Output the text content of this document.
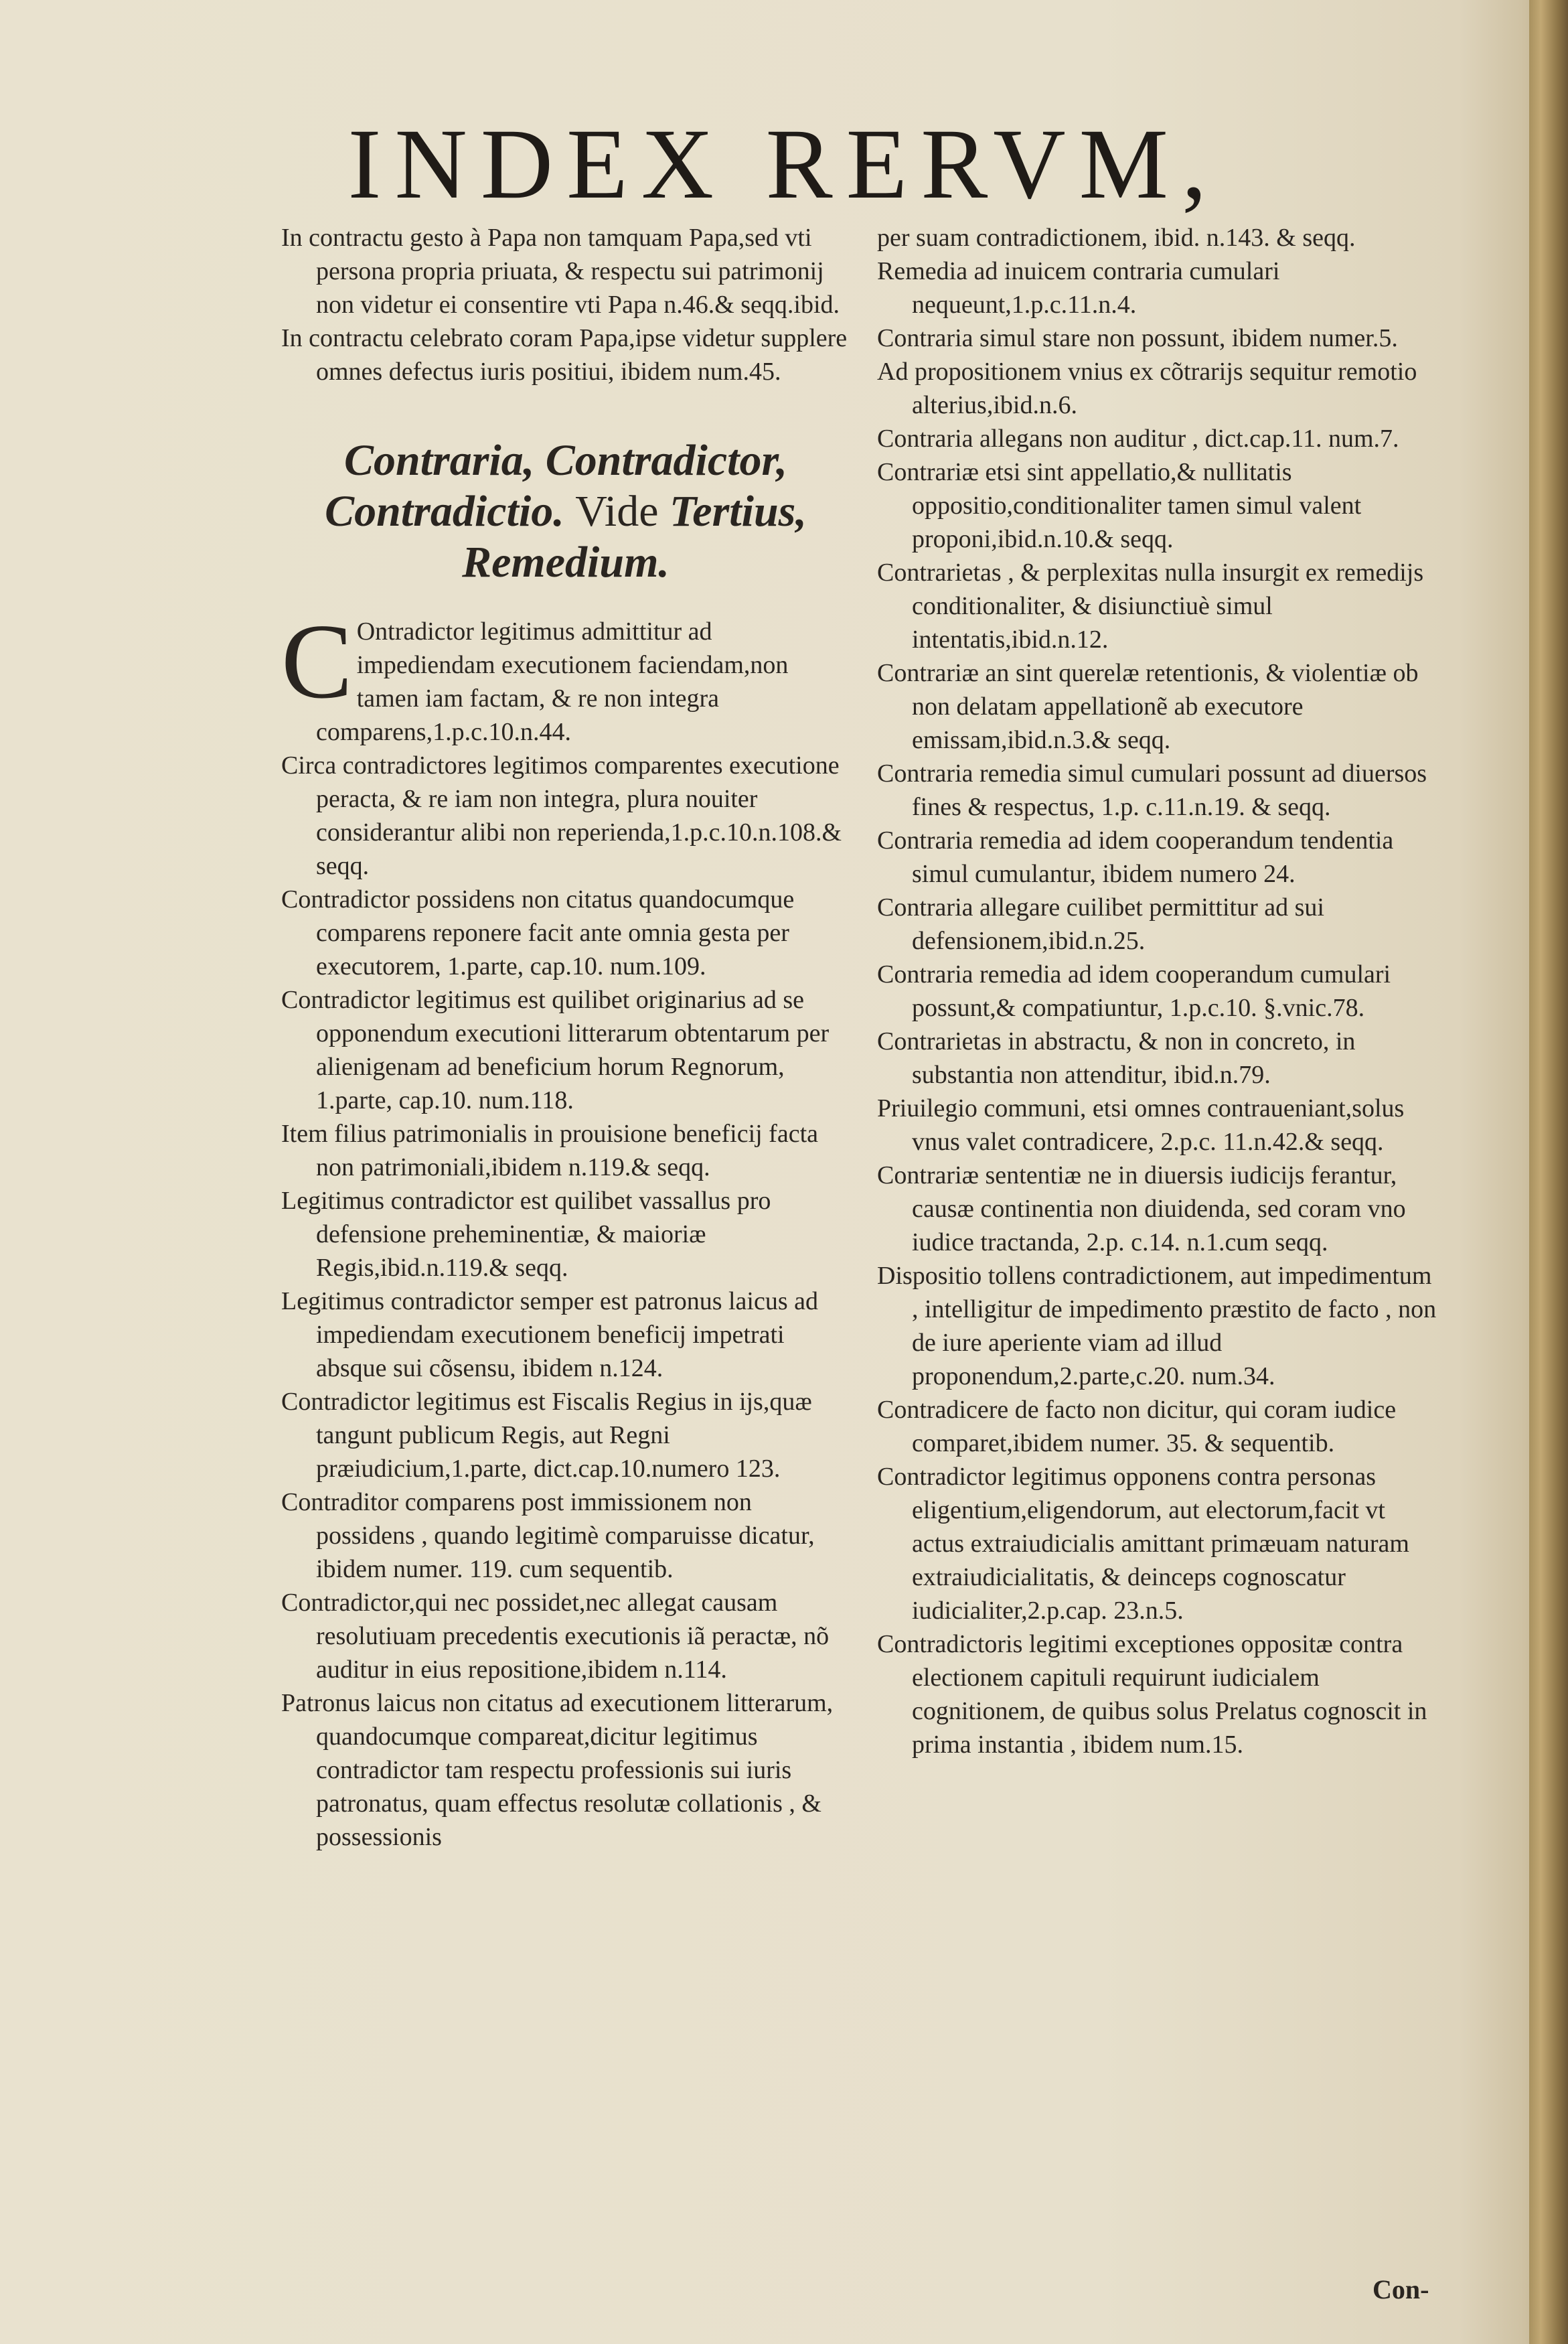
INDEX RERVM,

In contractu gesto à Papa non tamquam Papa,sed vti persona propria priuata, & respectu sui patrimonij non videtur ei consentire vti Papa n.46.& seqq.ibid.

In contractu celebrato coram Papa,ipse videtur supplere omnes defectus iuris positiui, ibidem num.45.

Contraria, Contradictor, Contradictio. Vide Tertius, Remedium.

C Ontradictor legitimus admittitur ad impediendam executionem faciendam,non tamen iam factam, & re non integra comparens,1.p.c.10.n.44.

Circa contradictores legitimos comparentes executione peracta, & re iam non integra, plura nouiter considerantur alibi non reperienda,1.p.c.10.n.108.& seqq.

Contradictor possidens non citatus quandocumque comparens reponere facit ante omnia gesta per executorem, 1.parte, cap.10. num.109.

Contradictor legitimus est quilibet originarius ad se opponendum executioni litterarum obtentarum per alienigenam ad beneficium horum Regnorum, 1.parte, cap.10. num.118.

Item filius patrimonialis in prouisione beneficij facta non patrimoniali,ibidem n.119.& seqq.

Legitimus contradictor est quilibet vassallus pro defensione preheminentiæ, & maioriæ Regis,ibid.n.119.& seqq.

Legitimus contradictor semper est patronus laicus ad impediendam executionem beneficij impetrati absque sui cõsensu, ibidem n.124.

Contradictor legitimus est Fiscalis Regius in ijs,quæ tangunt publicum Regis, aut Regni præiudicium,1.parte, dict.cap.10.numero 123.

Contraditor comparens post immissionem non possidens , quando legitimè comparuisse dicatur, ibidem numer. 119. cum sequentib.

Contradictor,qui nec possidet,nec allegat causam resolutiuam precedentis executionis iã peractæ, nõ auditur in eius repositione,ibidem n.114.

Patronus laicus non citatus ad executionem litterarum, quandocumque compareat,dicitur legitimus contradictor tam respectu professionis sui iuris patronatus, quam effectus resolutæ collationis , & possessionis

per suam contradictionem, ibid. n.143. & seqq.

Remedia ad inuicem contraria cumulari nequeunt,1.p.c.11.n.4.

Contraria simul stare non possunt, ibidem numer.5.

Ad propositionem vnius ex cõtrarijs sequitur remotio alterius,ibid.n.6.

Contraria allegans non auditur , dict.cap.11. num.7.

Contrariæ etsi sint appellatio,& nullitatis oppositio,conditionaliter tamen simul valent proponi,ibid.n.10.& seqq.

Contrarietas , & perplexitas nulla insurgit ex remedijs conditionaliter, & disiunctiuè simul intentatis,ibid.n.12.

Contrariæ an sint querelæ retentionis, & violentiæ ob non delatam appellationẽ ab executore emissam,ibid.n.3.& seqq.

Contraria remedia simul cumulari possunt ad diuersos fines & respectus, 1.p. c.11.n.19. & seqq.

Contraria remedia ad idem cooperandum tendentia simul cumulantur, ibidem numero 24.

Contraria allegare cuilibet permittitur ad sui defensionem,ibid.n.25.

Contraria remedia ad idem cooperandum cumulari possunt,& compatiuntur, 1.p.c.10. §.vnic.78.

Contrarietas in abstractu, & non in concreto, in substantia non attenditur, ibid.n.79.

Priuilegio communi, etsi omnes contraueniant,solus vnus valet contradicere, 2.p.c. 11.n.42.& seqq.

Contrariæ sententiæ ne in diuersis iudicijs ferantur, causæ continentia non diuidenda, sed coram vno iudice tractanda, 2.p. c.14. n.1.cum seqq.

Dispositio tollens contradictionem, aut impedimentum , intelligitur de impedimento præstito de facto , non de iure aperiente viam ad illud proponendum,2.parte,c.20. num.34.

Contradicere de facto non dicitur, qui coram iudice comparet,ibidem numer. 35. & sequentib.

Contradictor legitimus opponens contra personas eligentium,eligendorum, aut electorum,facit vt actus extraiudicialis amittant primæuam naturam extraiudicialitatis, & deinceps cognoscatur iudicialiter,2.p.cap. 23.n.5.

Contradictoris legitimi exceptiones oppositæ contra electionem capituli requirunt iudicialem cognitionem, de quibus solus Prelatus cognoscit in prima instantia , ibidem num.15.

Con-
